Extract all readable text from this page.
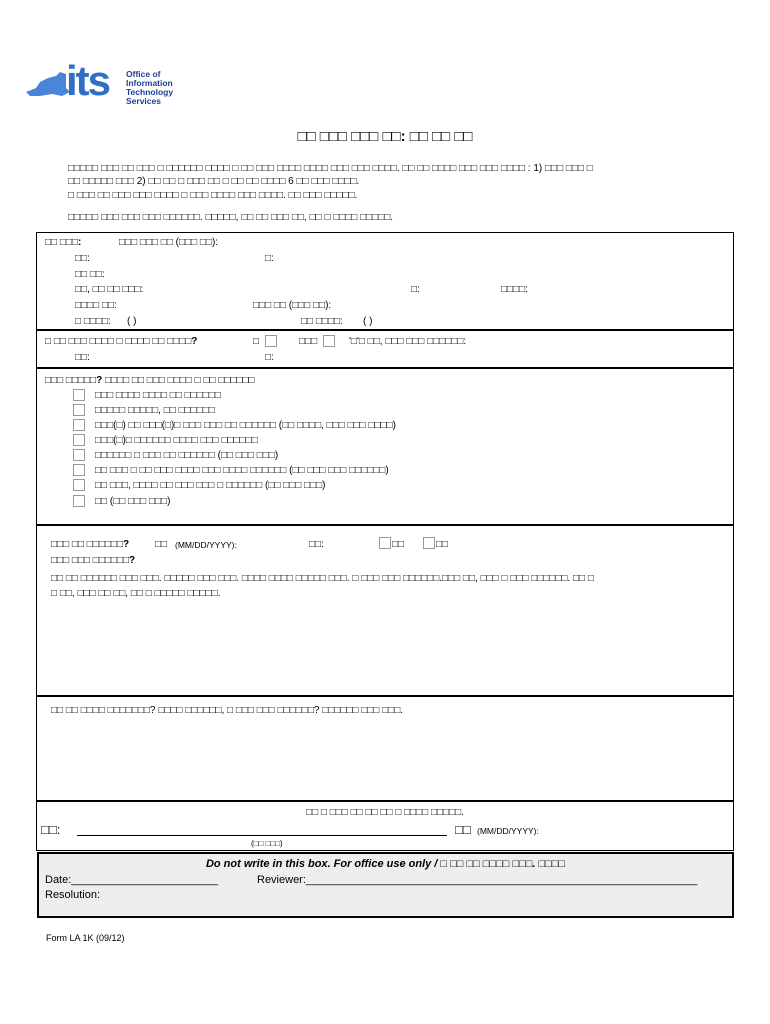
its Office of
Information
Technology
Services
□□ □□□ □□□ □□: □□ □□ □□
□□□□□ □□□ □□ □□□ □ □□□□□□ □□□□ □ □□ □□□ □□□□ □□□□ □□□ □□□ □□□□. □□ □□ □□□□ □□□ □□□ □□□□ : 1) □□□ □□□ □
□□ □□□□□ □□□ 2) □□ □□ □ □□□ □□ □ □□ □□ □□□□ 6 □□ □□□ □□□□.
□ □□□ □□ □□□ □□□ □□□□ □ □□□ □□□□ □□□ □□□□. □□ □□□ □□□□□.
□□□□□ □□□ □□□ □□□ □□□□□□. □□□□□, □□ □□ □□□ □□, □□ □ □□□□ □□□□□.
□□ □□□:	□□□ □□□ □□ (□□□ □□):
□□:	□:
□□ □□:
□□, □□ □□ □□□:	□:	□□□□:
□□□□ □□:	□□□ □□ (□□□ □□):
□ □□□□: ( )	□□ □□□□: ( )
□ □□ □□□ □□□□ □ □□□□ □□ □□□□?	□	□□□	'□'□ □□, □□□ □□□ □□□□□□:
□□:	□:
□□□ □□□□□? □□□□ □□ □□□ □□□□ □ □□ □□□□□□
□□□ □□□□ □□□□ □□ □□□□□□
□□□□□ □□□□□, □□ □□□□□□
□□□(□) □□ □□□(□)□ □□□ □□□ □□ □□□□□□ (□□ □□□□, □□□ □□□ □□□□)
□□□(□)□ □□□□□□ □□□□ □□□ □□□□□□
□□□□□□ □ □□□ □□ □□□□□□ (□□ □□□ □□□)
□□ □□□ □ □□ □□□ □□□□ □□□ □□□□ □□□□□□ (□□ □□□ □□□ □□□□□□)
□□ □□□, □□□□ □□ □□□ □□□ □ □□□□□□ (□□ □□□ □□□)
□□ (□□ □□□ □□□)
□□□ □□ □□□□□□?	□□ (MM/DD/YYYY):	□□:	□□	□□
□□□ □□□ □□□□□□?
□□ □□ □□□□□□ □□□ □□□. □□□□□ □□□ □□□. □□□□ □□□□ □□□□□ □□□. □ □□□ □□□ □□□□□□.□□□ □□, □□□ □ □□□ □□□□□□. □□ □
□ □□, □□□ □□ □□, □□ □ □□□□□ □□□□□.
□□ □□ □□□□ □□□□□□□? □□□□ □□□□□□, □ □□□ □□□ □□□□□□? □□□□□□ □□□ □□□.
□□ □ □□□ □□ □□ □□ □ □□□□ □□□□□.
□□:	□□ (MM/DD/YYYY):
(□□ □□□)
Do not write in this box. For office use only / □ □□ □□ □□□□ □□□. □□□□
Date:________________________	Reviewer:________________________________________________________________
Resolution:
Form LA 1K (09/12)
